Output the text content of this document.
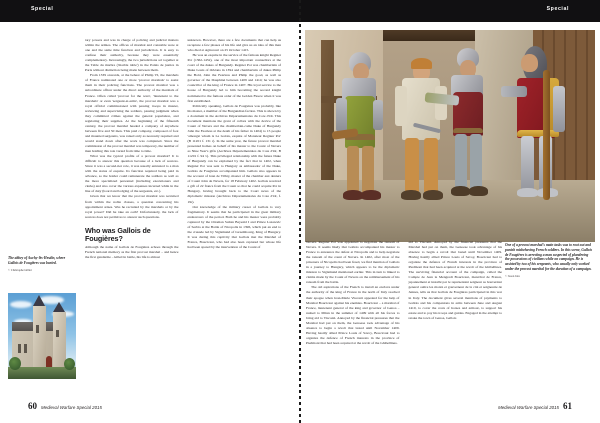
Special
The abbey of Auchy-lès-Hesdin, where Gallois de Fougières was buried.
© Christophe Gilliot

tary powers and was in charge of policing and judicial matters within the armies. The offices of marshal and constable were at one and the same time function and jurisdiction. It is easy to confuse their authority, because they were essentially complementary. Increasingly, the two jurisdictions act together at the Table du marbre ('marble table') in the Palais de justice in Paris without distinction being made between them.

From 1339 onwards, at the behest of Philip VI, the marshals of France nominated one or more 'provost marshals' to assist them in their policing functions. The provost marshal was a subordinate officer under the direct authority of the marshals of France. Often called 'provost for the wars', 'lieutenant to the marshals' or even 'sergeant-at-arms', the provost marshal was a royal official commissioned with passing troops in muster, reviewing and supervising the soldiers, passing judgment when they committed crimes against the general population, and regulating their supplies. At the beginning of the fifteenth century, the provost marshal headed a company of anywhere between five and 50 men. This paid company, composed of foot and mounted sergeants, was raised only as necessity required and would stand down after the work was completed. Since the commission of the provost marshal was temporary, the number of men holding this role varied from time to time.

What was the typical profile of a provost marshal? It is difficult to answer this question because of a lack of sources. Since it was a second-tier role, it was usually entrusted to a man with the status of esquire. Its function required being paid in advance, so the holder could remunerate the soldiers as well as the more specialized personnel (including executioners and clerks) and also cover the various expenses incurred while in the line of duty (board and lodging of the sergeants, etc.).

Given that we know that the provost marshal was recruited from within the noble classes, a question concerning his appointment arises. Was he recruited by the marshals or by the royal power? Did he take an oath? Unfortunately, the lack of sources does not permit us to answer such questions.

Who was Gallois de Fougières?

Although the name of Gallois de Fougières echoes through the French national memory as the first provost marshal – and hence the first gendarme – killed in battle, his life is almost

unknown. However, there are a few documents that can help us recapture a few phases of his life and give us an idea of this man who died at Agincourt on 25 October 1415.

He was an esquire in the service of the famous knight Regnier Pot (1362-1432), one of the most important counsellors at the court of the dukes of Burgundy. Regnier Pot was chamberlain of Duke Louis of Orléans in 1394 and chamberlain of dukes Philip the Bold, John the Fearless and Philip the good, as well as governor of the Dauphiné between 1409 and 1414; he was also councillor of the king of France in 1407. His loyal service to the house of Burgundy led to him becoming the second knight nominated to the famous order of the Golden Fleece when it was first established.

Politically speaking, Gallois de Fougières was probably, like his master, a member of the Burgundian faction. This is shown by a document in the Archives Départementales du Cote d'Or. This document mentions the grant of collars with the device of the Count of Nevers and the chamberlain-came Duke of Burgundy John the Fearless at the death of his father in 1404) to 15 people 'amongst whom is Le Galois, esquire of Monsieur Regnier Pot' (B 11201 f. 131 r). In the same year, the future provost marshal presented homes on behalf of his master to the Count of Nevers as Nine Year's gifts (Archives Départementales du Cote d'Or, B 11201 f. 94 v). This privileged relationship with the future Duke of Burgundy can be explained by the fact that in 1402, when Regnier Pot was sent to Hungary as ambassador of the Duke, Gallois de Fougières accompanied him. Gallois also appears in the account of Jean de Vilhry, master of the chamber aux deniers of Count John de Nevers, for 18 February 1402. Gallois received a gift of 22 francs from the Count so that he could acquire Pot in Hungary, having brought back to the Court news of the diplomatic mission (Archives Départementales du Cote d'Or, f. 19r).

Our knowledge of the military career of Gallois is very fragmentary. It seems that he participated in the great military endeavours of the period. Both he and his master were probably captured by the Ottoman Sultan Bayezid I and Prince Lazarevic of Serbia at the Battle of Nicopolis in 1396, which put an end to the crusade led by Sigismund of Luxembourg, King of Hungary. It was during this captivity that Gallois met the Marshal of France, Boucicaut, who had also been captured but whose life had been spared by the intervention of the Count of

60 Medieval Warfare Special 2015
Special
One of a provost marshal's main tasks was to root out and punish misbehaving French soldiers. In this scene, Gallois de Fougières is arresting a man suspected of plundering the possessions of civilians while on campaign. He is assisted by two of his sergeants, who usually only worked under the provost marshal for the duration of a campaign.
© Jason Juta

Nevers. Regnier Pot was appointed to negotiate the ransom of Nevers. It seems likely that Gallois accompanied his master to France to announce the defeat at Nicopolis and to help negotiate the ransom of the count of Nevers. In 1402, after most of the prisoners of Nicopolis had been freed, we find mention of Gallois in a journey to Hungary, which appears to be the diplomatic mission to Sigismund mentioned earlier. This in turn is linked to claims made by the Count of Nevers on the reimbursement of his ransom from the battle.

The old aspirations of the French to install an enclave under the authority of the king of France in the north of Italy reached their apogee when Jean-Marie Visconti appealed for the help of Marshal Boucicaut against his enemies. Boucicaut – a marshal of France, lieutenant general of the king and governor of Genoa – rushed to Milan in the summer of 1409 with all his forces to bring aid to Visconti. Annoyed by the financial pressures that the Marshal had put on them, the Genoese took advantage of his absence to begin a revolt that lasted until November 1409. Having hastily allied Prince Louis of Savoy, Boucicaut had to organize the defence of French interests in the province of Piedmont that had been acquired at the revolt of the Ghibellines.

aid to Visconti. Annoyed by the financial pressures that the Marshal had put on them, the Genoese took advantage of his absence to begin a revolt that lasted until November 1409. Having hastily allied Prince Louis of Savoy, Boucicaut had to organize the defence of French interests in the province of Piedmont that had been acquired at the revolt of the Ghibellines. The surviving financial account of the campaign, called the Compte de Jean le Mengredi Boucicaut, maréchal de France, japonnement et installé par le représentant seigneur as bouverniat general oultre les montz et gouverneur de la cité et seigneurie de Jennes, tells us that Gallois de Fougières participated in this war in Italy. The document gives several mentions of payments to Gallois and his companions in arms between June and August 1410, to cover the costs of horses and armour, to support his estate and to pay his troops and guides. Engaged in the attempt to retake the town of Genoa, Gallois

Medieval Warfare Special 2015 61
